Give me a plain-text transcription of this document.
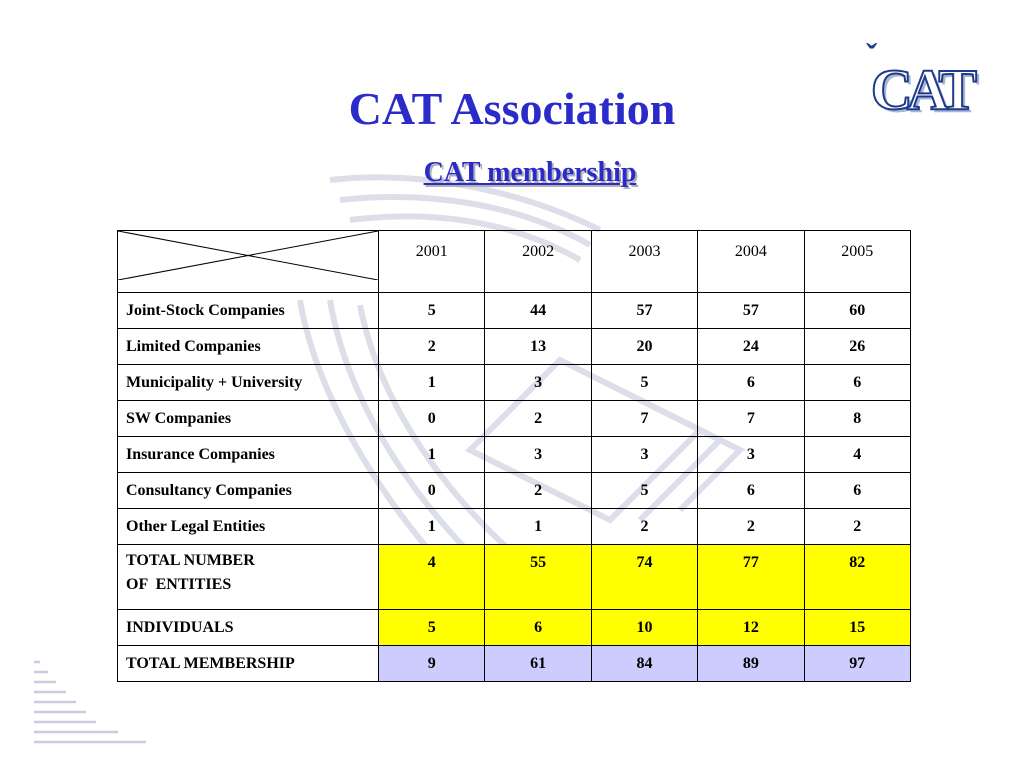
CAT Association
CAT membership
ˇ
CAT
	2001	2002	2003	2004	2005
Joint-Stock Companies	5	44	57	57	60
Limited Companies	2	13	20	24	26
Municipality + University	1	3	5	6	6
SW Companies	0	2	7	7	8
Insurance Companies	1	3	3	3	4
Consultancy Companies	0	2	5	6	6
Other Legal Entities	1	1	2	2	2
TOTAL NUMBER
OF  ENTITIES	4	55	74	77	82
INDIVIDUALS	5	6	10	12	15
TOTAL MEMBERSHIP	9	61	84	89	97
